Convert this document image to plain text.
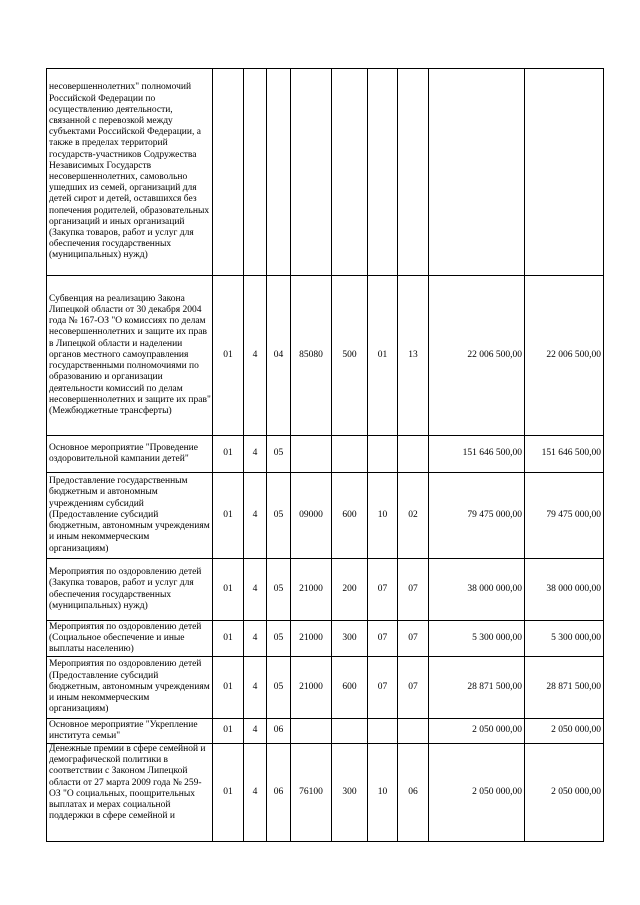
несовершеннолетних" полномочий Российской Федерации по осуществлению деятельности, связанной с перевозкой между субъектами Российской Федерации, а также в пределах территорий государств-участников Содружества Независимых Государств несовершеннолетних, самовольно ушедших из семей, организаций для детей сирот и детей, оставшихся без попечения родителей, образовательных организаций и иных организаций (Закупка товаров, работ и услуг для обеспечения государственных (муниципальных) нужд)									
Субвенция на реализацию Закона Липецкой области от 30 декабря 2004 года № 167-ОЗ "О комиссиях по делам несовершеннолетних и защите их прав в Липецкой области и наделении органов местного самоуправления государственными полномочиями по образованию и организации деятельности комиссий по делам несовершеннолетних и защите их прав" (Межбюджетные трансферты)	01	4	04	85080	500	01	13	22 006 500,00	22 006 500,00
Основное мероприятие "Проведение оздоровительной кампании детей"	01	4	05					151 646 500,00	151 646 500,00
Предоставление государственным бюджетным и автономным учреждениям субсидий (Предоставление субсидий бюджетным, автономным учреждениям и иным некоммерческим организациям)	01	4	05	09000	600	10	02	79 475 000,00	79 475 000,00
Мероприятия по оздоровлению детей (Закупка товаров, работ и услуг для обеспечения государственных (муниципальных) нужд)	01	4	05	21000	200	07	07	38 000 000,00	38 000 000,00
Мероприятия по оздоровлению детей (Социальное обеспечение и иные выплаты населению)	01	4	05	21000	300	07	07	5 300 000,00	5 300 000,00
Мероприятия по оздоровлению детей (Предоставление субсидий бюджетным, автономным учреждениям и иным некоммерческим организациям)	01	4	05	21000	600	07	07	28 871 500,00	28 871 500,00
Основное мероприятие "Укрепление института семьи"	01	4	06					2 050 000,00	2 050 000,00
Денежные премии в сфере семейной и демографической политики в соответствии с Законом Липецкой области от 27 марта 2009 года № 259-ОЗ "О социальных, поощрительных выплатах и мерах социальной поддержки в сфере семейной и	01	4	06	76100	300	10	06	2 050 000,00	2 050 000,00
